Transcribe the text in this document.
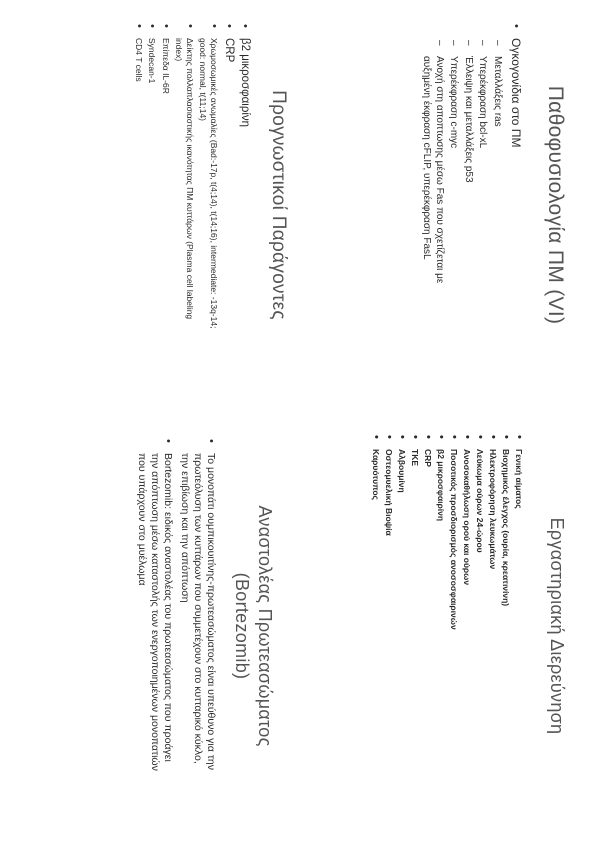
Παθοφυσιολογία ΠΜ (VI)
• Ογκογονίδια στο ΠΜ
– Μεταλλάξεις ras
– Υπερέκφραση bcl-xL
– Έλλειψη και μεταλλάξεις p53
– Υπερέκφραση c-myc
– Ανοχή στη αποπτωσης μέσω Fas που σχετίζεται με αυξημένη έκφραση cFLIP, υπερέκφραση FasL
Εργαστηριακή Διερεύνηση
• Γενική αίματος
• Βιοχημικός έλεγχος (ουρία, κρεατινίνη)
• Ηλεκτροφόρηση λευκωμάτων
• Λεύκωμα ούρων 24-ώρου
• Ανοσοκαθήλωση ορού και ούρων
• Ποσοτικός προσδιορισμός ανοσοσφαιρινών
• β2 μικροσφαιρίνη
• CRP
• TKE
• Αλβουμίνη
• Οστεομυελική Βιοψία
• Καρυότυπος
Προγνωστικοί Παράγοντες
• β2 μικροσφαιρίνη
• CRP
• Χρωμοσωμικές ανωμαλίες (Bad:-17p, t(4;14), t(14;16), intermediate: -13q-14; good: normal, t(11;14)
• Δείκτης πολλαπλασιαστικής ικανότητας ΠΜ κυττάρων (Plasma cell labeling index)
• Επίπεδα IL-6R
• Syndecan-1
• CD4 T cells
Αναστολέας Πρωτεασώματος
(Bortezomib)
• Το μονοπάτι ουμπικουιτίνης-πρωτεασώματος είναι υπεύθυνο για την πρωτεόλυση των κυττάρων που συμμετέχουν στο κυτταρικό κύκλο, την επιβίωση και την απόπτωση
• Bortezomib: ειδικός αναστολέας του πρωτεασώματος που προάγει την απόπτωση μέσω καταστολής των ενεργοποιημένων μονοπατιών που υπάρχουν στο μυέλωμα
